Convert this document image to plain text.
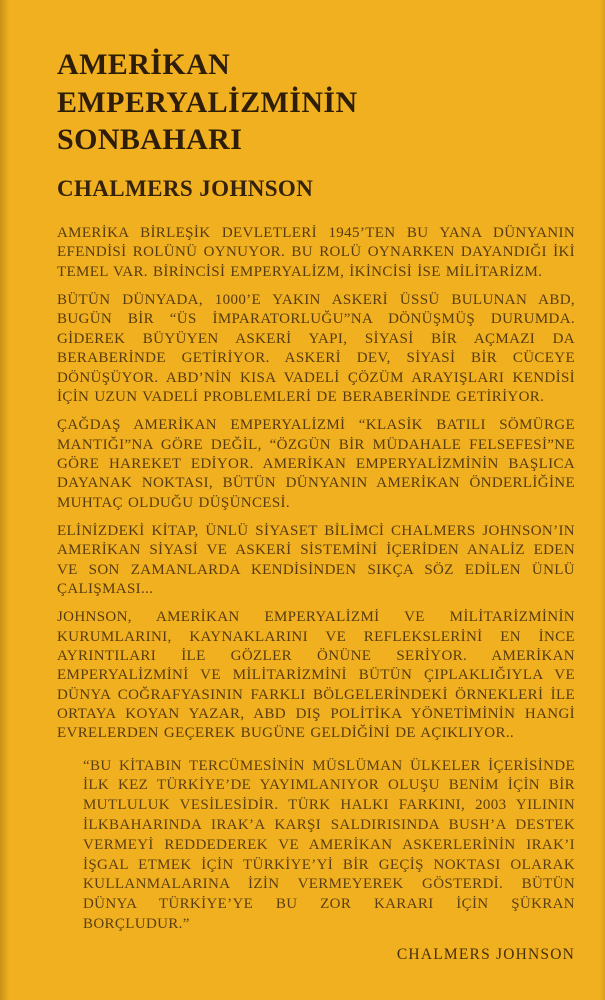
AMERİKAN EMPERYALİZMİNİN SONBAHARI
CHALMERS JOHNSON

AMERİKA BİRLEŞİK DEVLETLERİ 1945’TEN BU YANA DÜNYANIN EFENDİSİ ROLÜNÜ OYNUYOR. BU ROLÜ OYNARKEN DAYANDIĞI İKİ TEMEL VAR. BİRİNCİSİ EMPERYALİZM, İKİNCİSİ İSE MİLİTARİZM.

BÜTÜN DÜNYADA, 1000’E YAKIN ASKERİ ÜSSÜ BULUNAN ABD, BUGÜN BİR “ÜS İMPARATORLUĞU”NA DÖNÜŞMÜŞ DURUMDA. GİDEREK BÜYÜYEN ASKERİ YAPI, SİYASİ BİR AÇMAZI DA BERABERİNDE GETİRİYOR. ASKERİ DEV, SİYASİ BİR CÜCEYE DÖNÜŞÜYOR. ABD’NİN KISA VADELİ ÇÖZÜM ARAYIŞLARI KENDİSİ İÇİN UZUN VADELİ PROBLEMLERİ DE BERABERİNDE GETİRİYOR.

ÇAĞDAŞ AMERİKAN EMPERYALİZMİ “KLASİK BATILI SÖMÜRGE MANTIĞI”NA GÖRE DEĞİL, “ÖZGÜN BİR MÜDAHALE FELSEFESİ”NE GÖRE HAREKET EDİYOR. AMERİKAN EMPERYALİZMİNİN BAŞLICA DAYANAK NOKTASI, BÜTÜN DÜNYANIN AMERİKAN ÖNDERLİĞİNE MUHTAÇ OLDUĞU DÜŞÜNCESİ.

ELİNİZDEKİ KİTAP, ÜNLÜ SİYASET BİLİMCİ CHALMERS JOHNSON’IN AMERİKAN SİYASİ VE ASKERİ SİSTEMİNİ İÇERİDEN ANALİZ EDEN VE SON ZAMANLARDA KENDİSİNDEN SIKÇA SÖZ EDİLEN ÜNLÜ ÇALIŞMASI...

JOHNSON, AMERİKAN EMPERYALİZMİ VE MİLİTARİZMİNİN KURUMLARINI, KAYNAKLARINI VE REFLEKSLERİNİ EN İNCE AYRINTILARI İLE GÖZLER ÖNÜNE SERİYOR. AMERİKAN EMPERYALİZMİNİ VE MİLİTARİZMİNİ BÜTÜN ÇIPLAKLIĞIYLA VE DÜNYA COĞRAFYASININ FARKLI BÖLGELERİNDEKİ ÖRNEKLERİ İLE ORTAYA KOYAN YAZAR, ABD DIŞ POLİTİKA YÖNETİMİNİN HANGİ EVRELERDEN GEÇEREK BUGÜNE GELDİĞİNİ DE AÇIKLIYOR..

“BU KİTABIN TERCÜMESİNİN MÜSLÜMAN ÜLKELER İÇERİSİNDE İLK KEZ TÜRKİYE’DE YAYIMLANIYOR OLUŞU BENİM İÇİN BİR MUTLULUK VESİLESİDİR. TÜRK HALKI FARKINI, 2003 YILININ İLKBAHARINDA IRAK’A KARŞI SALDIRISINDA BUSH’A DESTEK VERMEYİ REDDEDEREK VE AMERİKAN ASKERLERİNİN IRAK’I İŞGAL ETMEK İÇİN TÜRKİYE’Yİ BİR GEÇİŞ NOKTASI OLARAK KULLANMALARINA İZİN VERMEYEREK GÖSTERDİ. BÜTÜN DÜNYA TÜRKİYE’YE BU ZOR KARARI İÇİN ŞÜKRAN BORÇLUDUR.”

CHALMERS JOHNSON
